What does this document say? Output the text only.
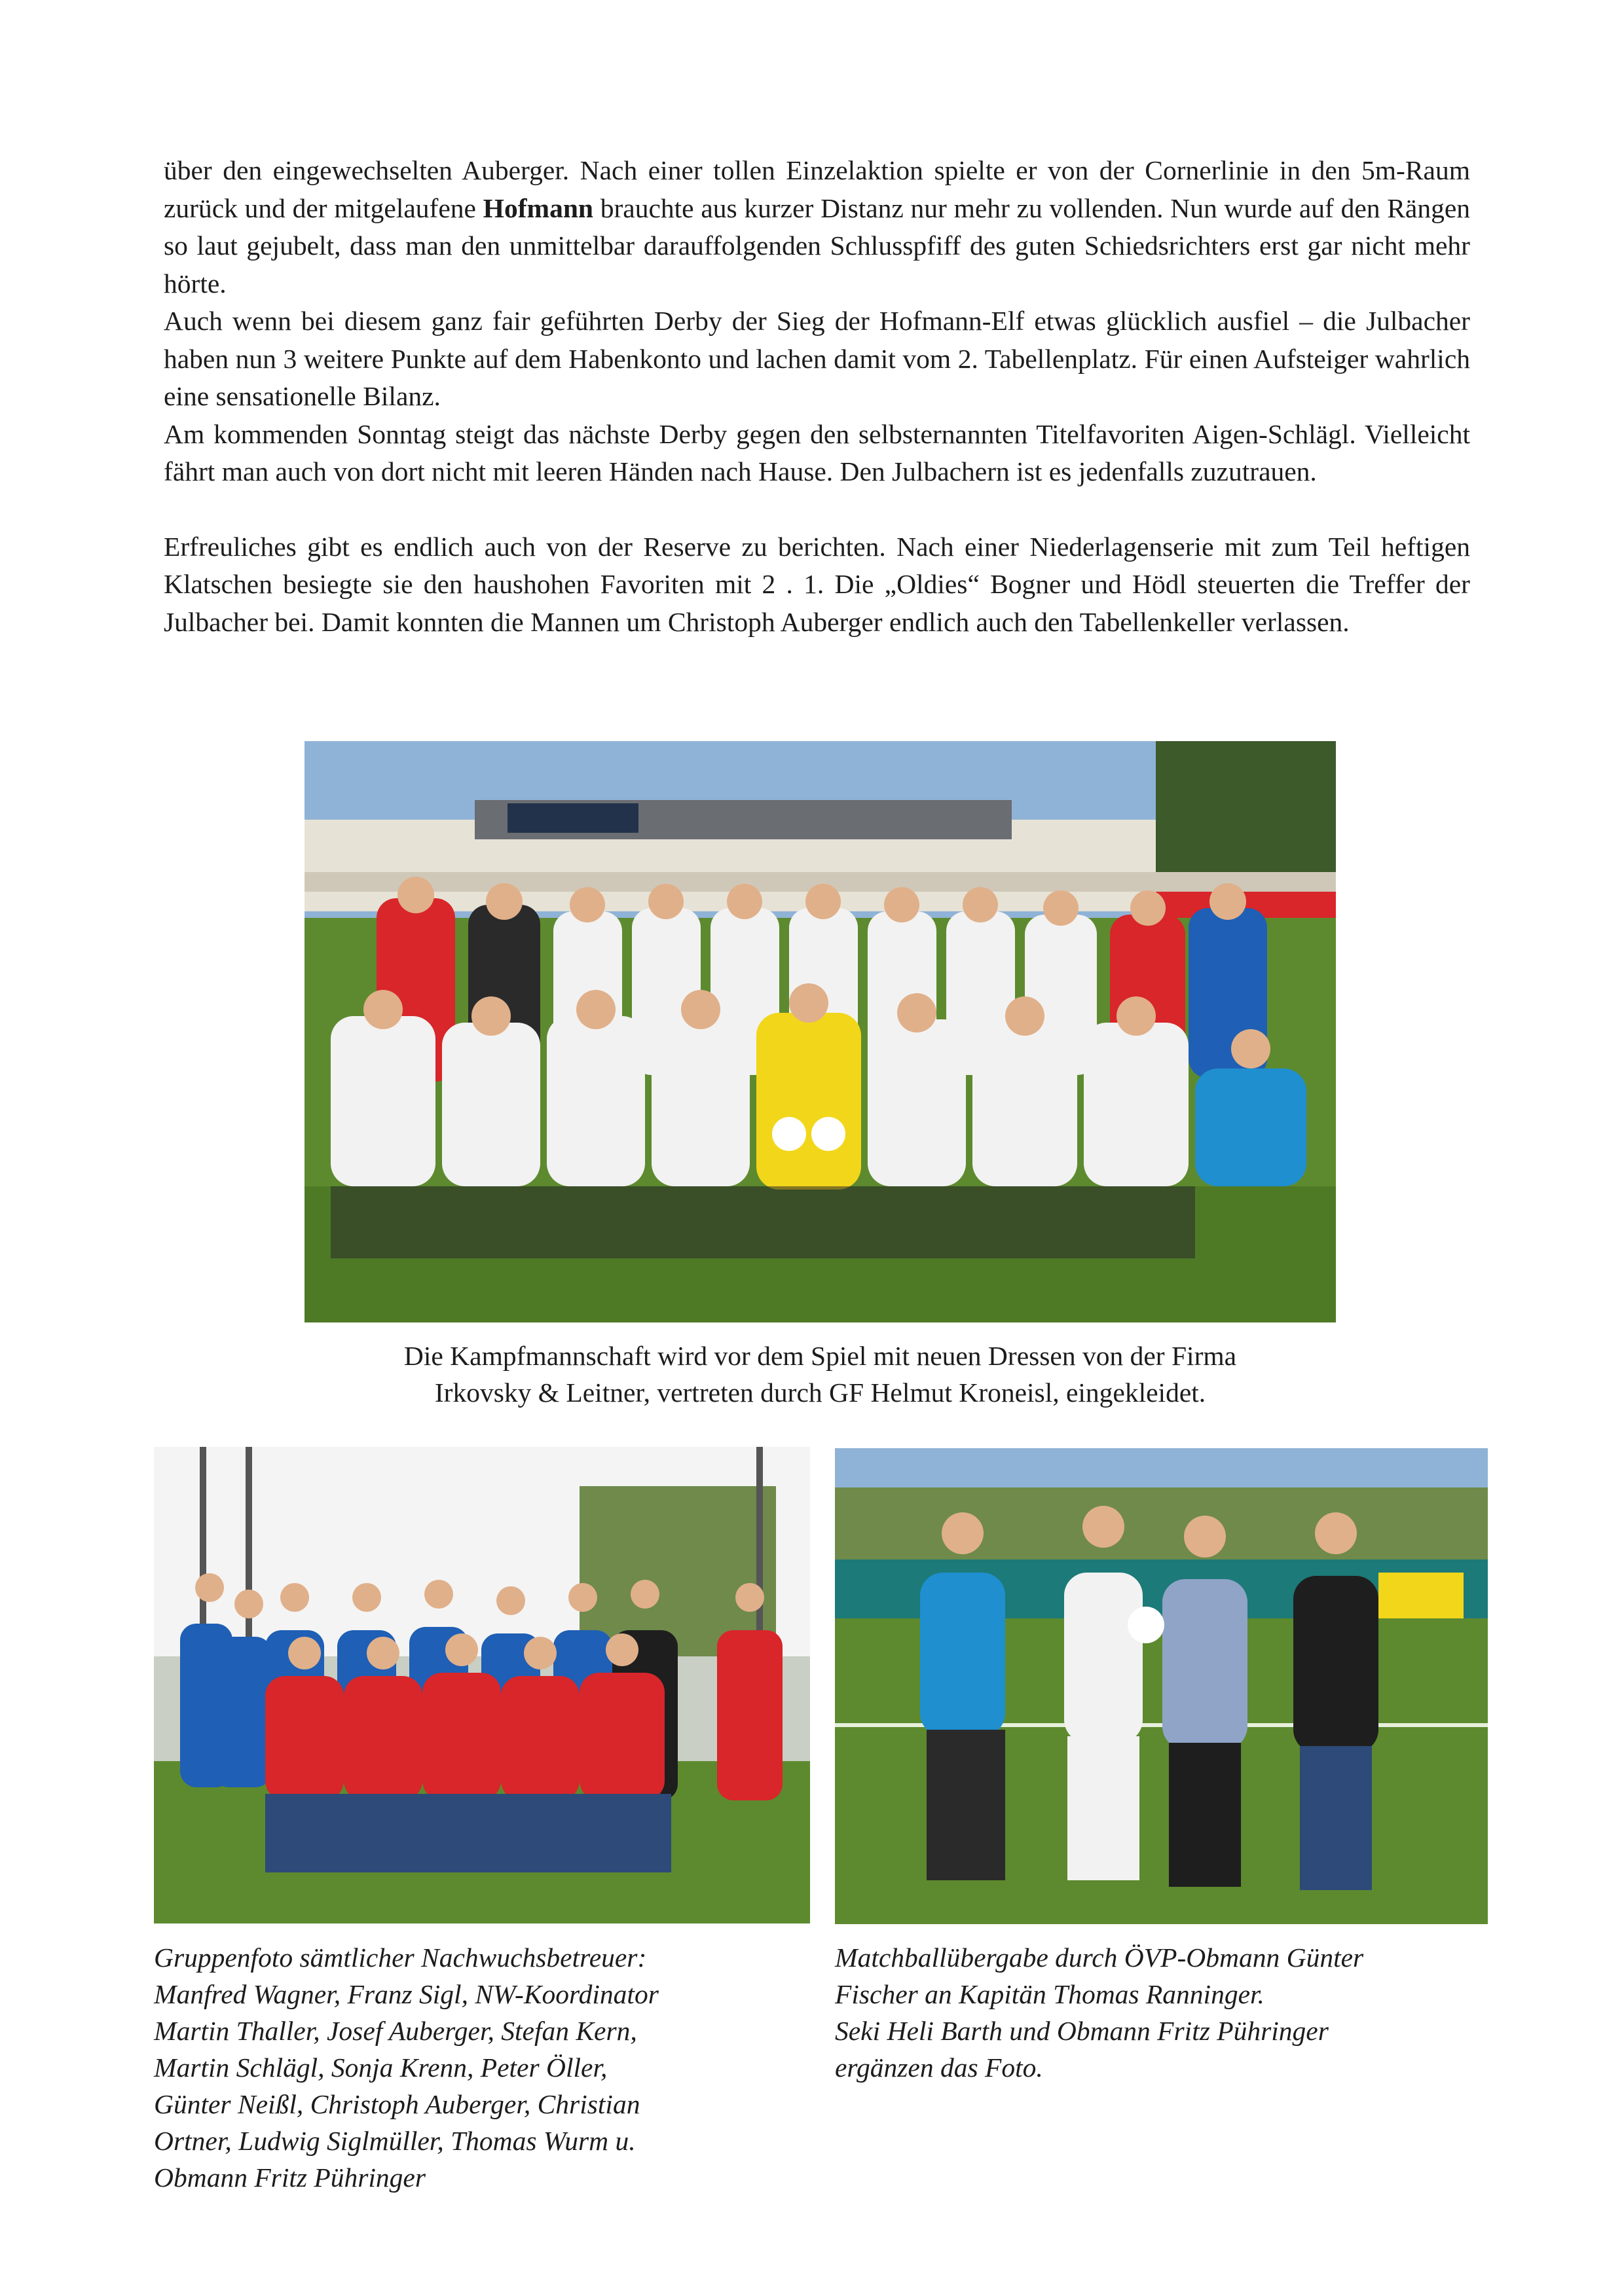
über den eingewechselten Auberger. Nach einer tollen Einzelaktion spielte er von der Cornerlinie in den 5m-Raum zurück und der mitgelaufene Hofmann brauchte aus kurzer Distanz nur mehr zu vollenden. Nun wurde auf den Rängen so laut gejubelt, dass man den unmittelbar darauffolgenden Schlusspfiff des guten Schiedsrichters erst gar nicht mehr hörte.

Auch wenn bei diesem ganz fair geführten Derby der Sieg der Hofmann-Elf etwas glücklich ausfiel – die Julbacher haben nun 3 weitere Punkte auf dem Habenkonto und lachen damit vom 2. Tabellenplatz. Für einen Aufsteiger wahrlich eine sensationelle Bilanz.

Am kommenden Sonntag steigt das nächste Derby gegen den selbsternannten Titelfavoriten Aigen-Schlägl. Vielleicht fährt man auch von dort nicht mit leeren Händen nach Hause. Den Julbachern ist es jedenfalls zuzutrauen.

Erfreuliches gibt es endlich auch von der Reserve zu berichten. Nach einer Niederlagenserie mit zum Teil heftigen Klatschen besiegte sie den haushohen Favoriten mit 2 . 1. Die „Oldies“ Bogner und Hödl steuerten die Treffer der Julbacher bei. Damit konnten die Mannen um Christoph Auberger endlich auch den Tabellenkeller verlassen.

Die Kampfmannschaft wird vor dem Spiel mit neuen Dressen von der Firma

Irkovsky & Leitner, vertreten durch GF Helmut Kroneisl, eingekleidet.

Gruppenfoto sämtlicher Nachwuchsbetreuer:

Manfred Wagner, Franz Sigl, NW-Koordinator

Martin Thaller, Josef Auberger, Stefan Kern,

Martin Schlägl, Sonja Krenn, Peter Öller,

Günter Neißl, Christoph Auberger, Christian

Ortner, Ludwig Siglmüller, Thomas Wurm u.

Obmann Fritz Pühringer

Matchballübergabe durch ÖVP-Obmann Günter

Fischer an Kapitän Thomas Ranninger.

Seki Heli Barth und Obmann Fritz Pühringer

ergänzen das Foto.
